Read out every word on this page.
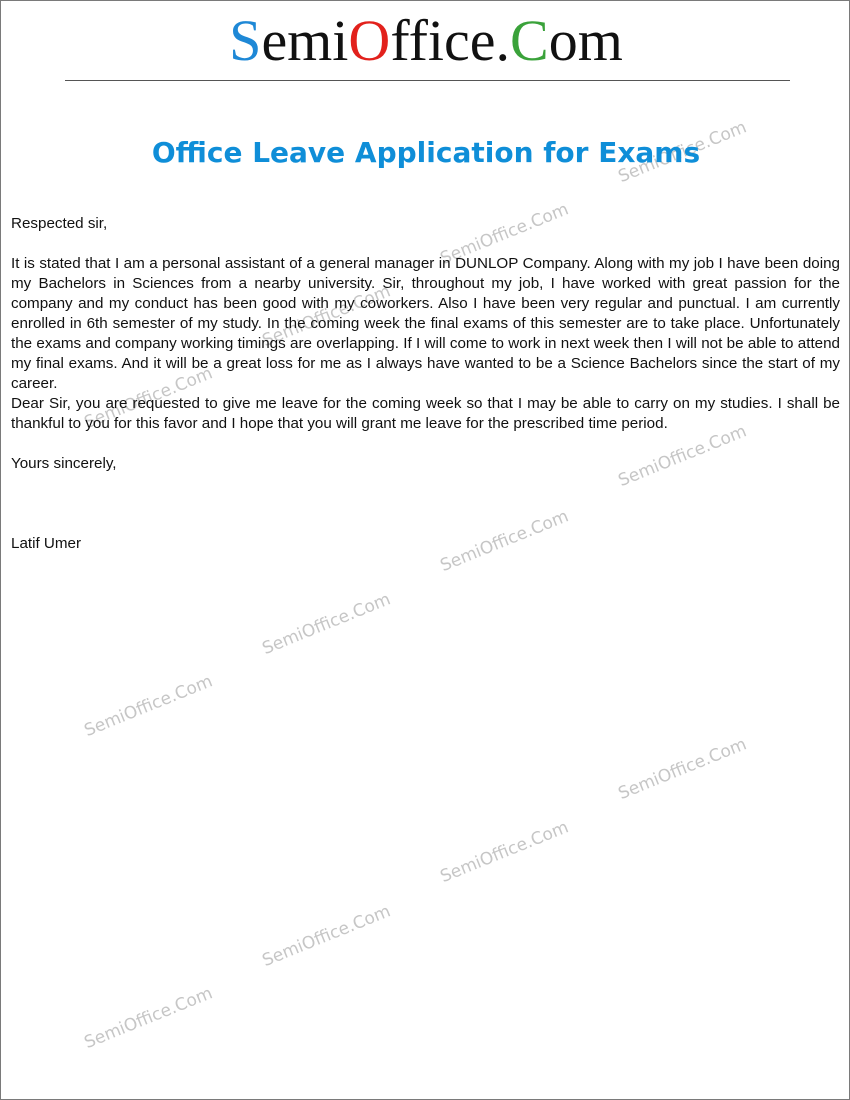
SemiOffice.Com
SemiOffice.Com
SemiOffice.Com
SemiOffice.Com
SemiOffice.Com
SemiOffice.Com
SemiOffice.Com
SemiOffice.Com
SemiOffice.Com
SemiOffice.Com
SemiOffice.Com
SemiOffice.Com
SemiOffice.Com
Office Leave Application for Exams

Respected sir,

It is stated that I am a personal assistant of a general manager in DUNLOP Company. Along with my job I have been doing my Bachelors in Sciences from a nearby university. Sir, throughout my job, I have worked with great passion for the company and my conduct has been good with my coworkers. Also I have been very regular and punctual. I am currently enrolled in 6th semester of my study. In the coming week the final exams of this semester are to take place. Unfortunately the exams and company working timings are overlapping. If I will come to work in next week then I will not be able to attend my final exams. And it will be a great loss for me as I always have wanted to be a Science Bachelors since the start of my career.
Dear Sir, you are requested to give me leave for the coming week so that I may be able to carry on my studies. I shall be thankful to you for this favor and I hope that you will grant me leave for the prescribed time period.

Yours sincerely,

Latif Umer
